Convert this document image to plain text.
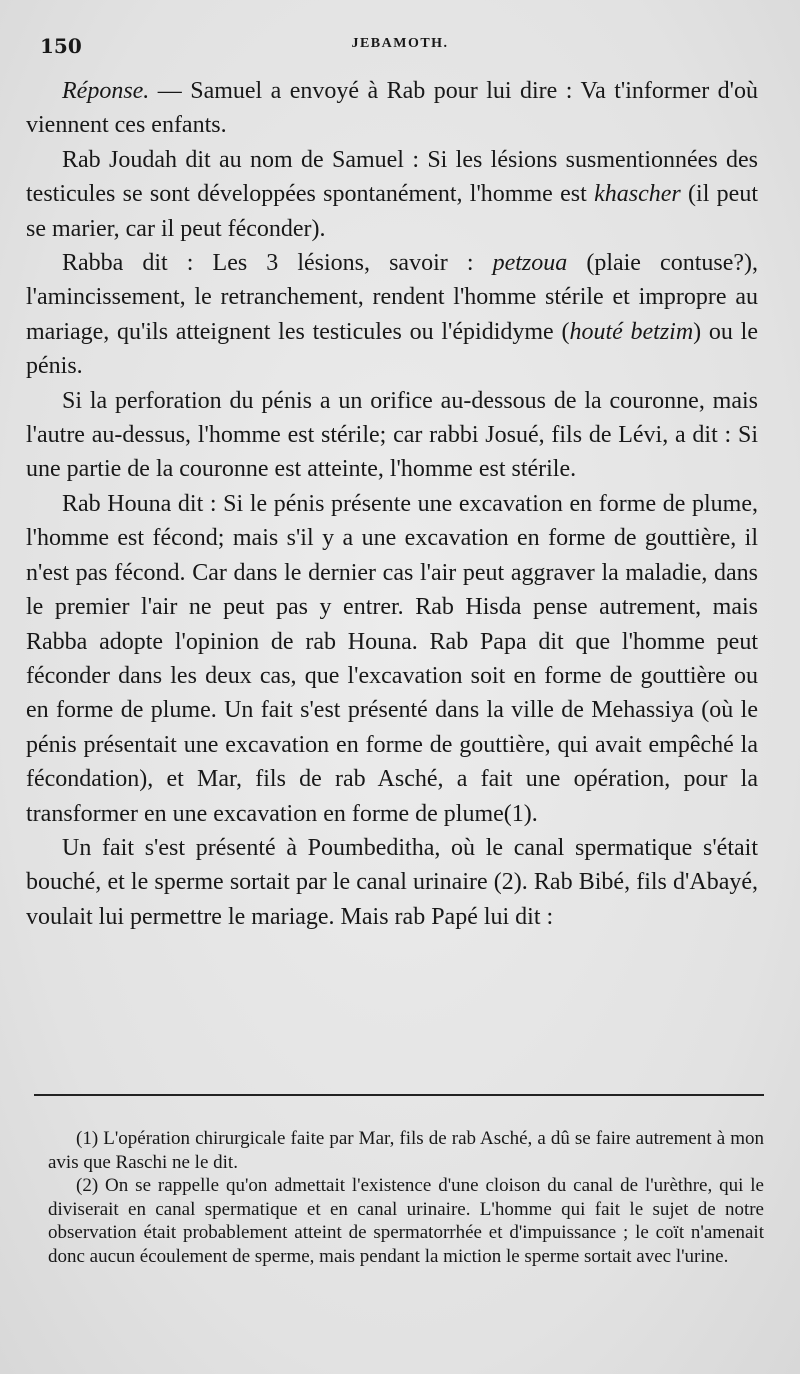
150	JEBAMOTH.

Réponse. — Samuel a envoyé à Rab pour lui dire : Va t'informer d'où viennent ces enfants.

Rab Joudah dit au nom de Samuel : Si les lésions susmentionnées des testicules se sont développées spontanément, l'homme est khascher (il peut se marier, car il peut féconder).

Rabba dit : Les 3 lésions, savoir : petzoua (plaie contuse?), l'amincissement, le retranchement, rendent l'homme stérile et impropre au mariage, qu'ils atteignent les testicules ou l'épididyme (houté betzim) ou le pénis.

Si la perforation du pénis a un orifice au-dessous de la couronne, mais l'autre au-dessus, l'homme est stérile; car rabbi Josué, fils de Lévi, a dit : Si une partie de la couronne est atteinte, l'homme est stérile.

Rab Houna dit : Si le pénis présente une excavation en forme de plume, l'homme est fécond; mais s'il y a une excavation en forme de gouttière, il n'est pas fécond. Car dans le dernier cas l'air peut aggraver la maladie, dans le premier l'air ne peut pas y entrer. Rab Hisda pense autrement, mais Rabba adopte l'opinion de rab Houna. Rab Papa dit que l'homme peut féconder dans les deux cas, que l'excavation soit en forme de gouttière ou en forme de plume. Un fait s'est présenté dans la ville de Mehassiya (où le pénis présentait une excavation en forme de gouttière, qui avait empêché la fécondation), et Mar, fils de rab Asché, a fait une opération, pour la transformer en une excavation en forme de plume(1).

Un fait s'est présenté à Poumbeditha, où le canal spermatique s'était bouché, et le sperme sortait par le canal urinaire (2). Rab Bibé, fils d'Abayé, voulait lui permettre le mariage. Mais rab Papé lui dit :

(1) L'opération chirurgicale faite par Mar, fils de rab Asché, a dû se faire autrement à mon avis que Raschi ne le dit.

(2) On se rappelle qu'on admettait l'existence d'une cloison du canal de l'urèthre, qui le diviserait en canal spermatique et en canal urinaire. L'homme qui fait le sujet de notre observation était probablement atteint de spermatorrhée et d'impuissance ; le coït n'amenait donc aucun écoulement de sperme, mais pendant la miction le sperme sortait avec l'urine.
